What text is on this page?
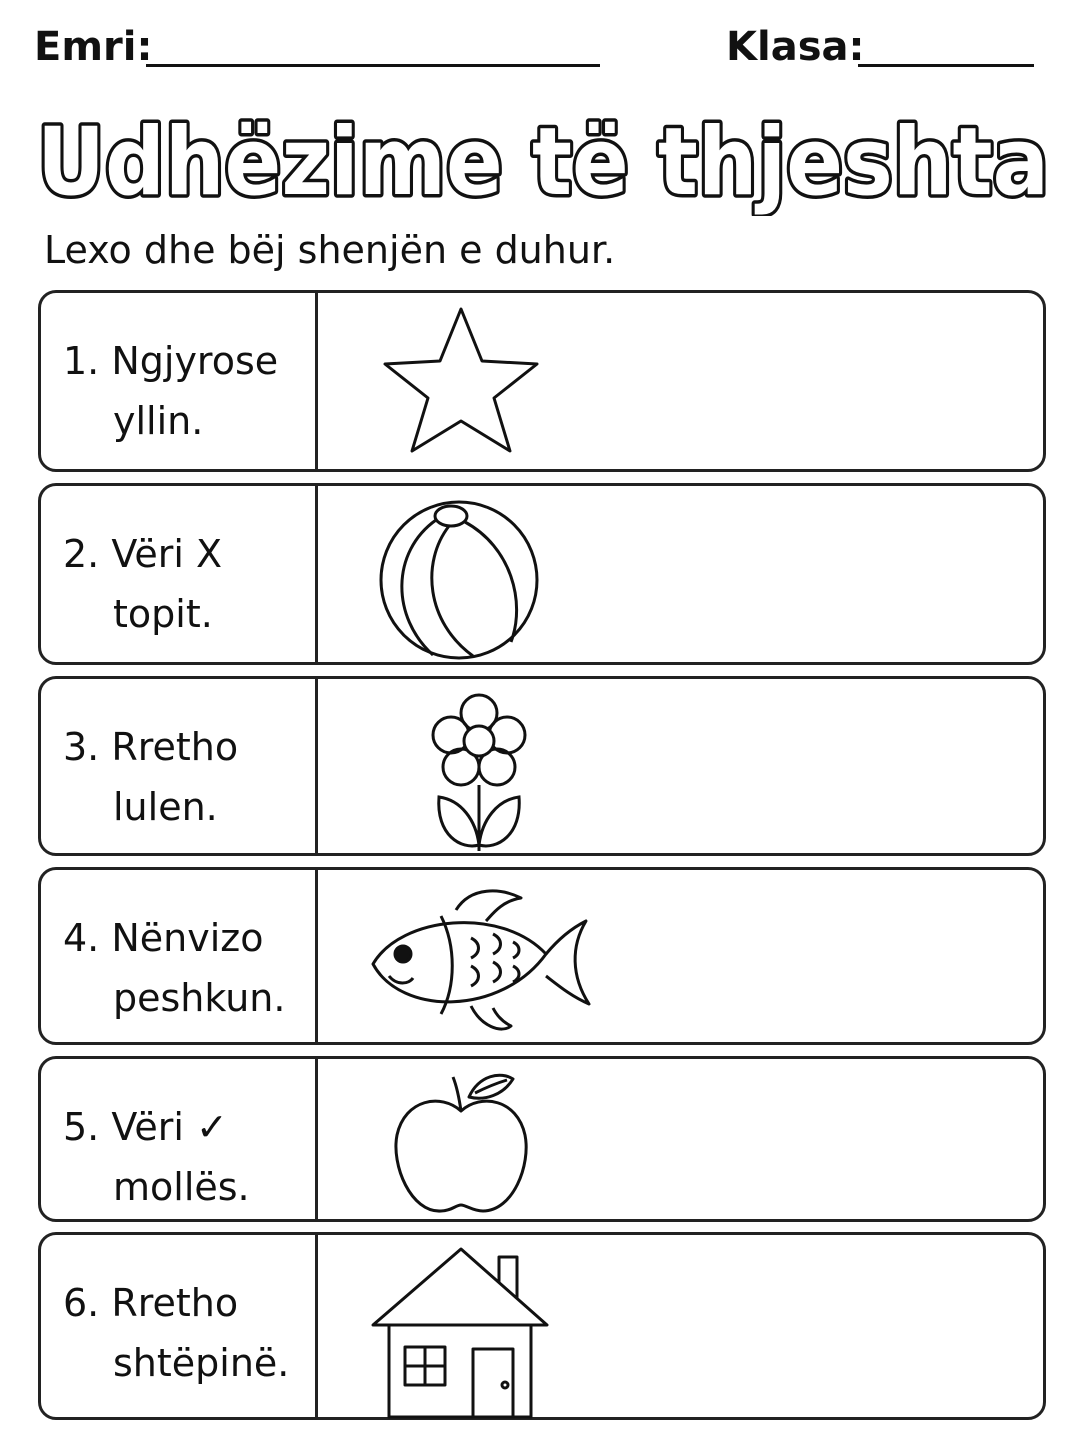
Emri:	Klasa:
Udhëzime të thjeshta
Lexo dhe bëj shenjën e duhur.
1. Ngjyrose
yllin.
2. Vëri X
topit.
3. Rretho
lulen.
4. Nënvizo
peshkun.
5. Vëri ✓
mollës.
6. Rretho
shtëpinë.
